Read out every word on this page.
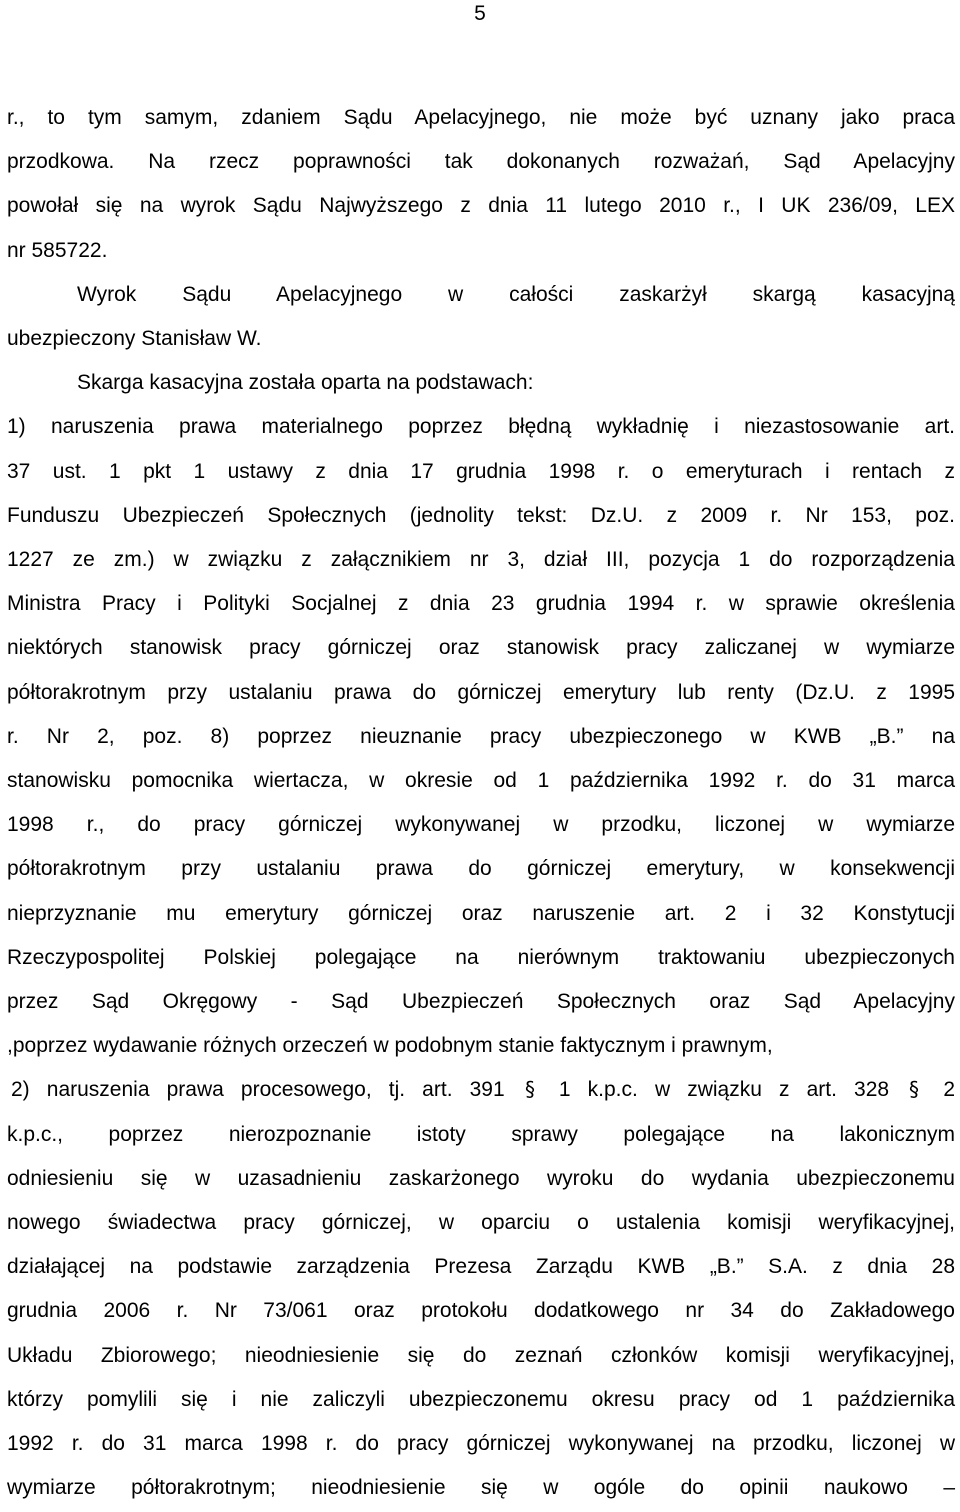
5
r., to tym samym, zdaniem Sądu Apelacyjnego, nie może być uznany jako praca
przodkowa. Na rzecz poprawności tak dokonanych rozważań, Sąd Apelacyjny
powołał się na wyrok Sądu Najwyższego z dnia 11 lutego 2010 r., I UK 236/09, LEX
nr 585722.
Wyrok Sądu Apelacyjnego w całości zaskarżył skargą kasacyjną
ubezpieczony Stanisław W.
Skarga kasacyjna została oparta na podstawach:
1) naruszenia prawa materialnego poprzez błędną wykładnię i niezastosowanie art.
37 ust. 1 pkt 1 ustawy z dnia 17 grudnia 1998 r. o emeryturach i rentach z
Funduszu Ubezpieczeń Społecznych (jednolity tekst: Dz.U. z 2009 r. Nr 153, poz.
1227 ze zm.) w związku z załącznikiem nr 3, dział III, pozycja 1 do rozporządzenia
Ministra Pracy i Polityki Socjalnej z dnia 23 grudnia 1994 r. w sprawie określenia
niektórych stanowisk pracy górniczej oraz stanowisk pracy zaliczanej w wymiarze
półtorakrotnym przy ustalaniu prawa do górniczej emerytury lub renty (Dz.U. z 1995
r. Nr 2, poz. 8) poprzez nieuznanie pracy ubezpieczonego w KWB „B.” na
stanowisku pomocnika wiertacza, w okresie od 1 października 1992 r. do 31 marca
1998 r., do pracy górniczej wykonywanej w przodku, liczonej w wymiarze
półtorakrotnym przy ustalaniu prawa do górniczej emerytury, w konsekwencji
nieprzyznanie mu emerytury górniczej oraz naruszenie art. 2 i 32 Konstytucji
Rzeczypospolitej Polskiej polegające na nierównym traktowaniu ubezpieczonych
przez Sąd Okręgowy - Sąd Ubezpieczeń Społecznych oraz Sąd Apelacyjny
,poprzez wydawanie różnych orzeczeń w podobnym stanie faktycznym i prawnym,
2) naruszenia prawa procesowego, tj. art. 391 § 1 k.p.c. w związku z art. 328 § 2
k.p.c., poprzez nierozpoznanie istoty sprawy polegające na lakonicznym
odniesieniu się w uzasadnieniu zaskarżonego wyroku do wydania ubezpieczonemu
nowego świadectwa pracy górniczej, w oparciu o ustalenia komisji weryfikacyjnej,
działającej na podstawie zarządzenia Prezesa Zarządu KWB „B.” S.A. z dnia 28
grudnia 2006 r. Nr 73/061 oraz protokołu dodatkowego nr 34 do Zakładowego
Układu Zbiorowego; nieodniesienie się do zeznań członków komisji weryfikacyjnej,
którzy pomylili się i nie zaliczyli ubezpieczonemu okresu pracy od 1 października
1992 r. do 31 marca 1998 r. do pracy górniczej wykonywanej na przodku, liczonej w
wymiarze półtorakrotnym; nieodniesienie się w ogóle do opinii naukowo –
